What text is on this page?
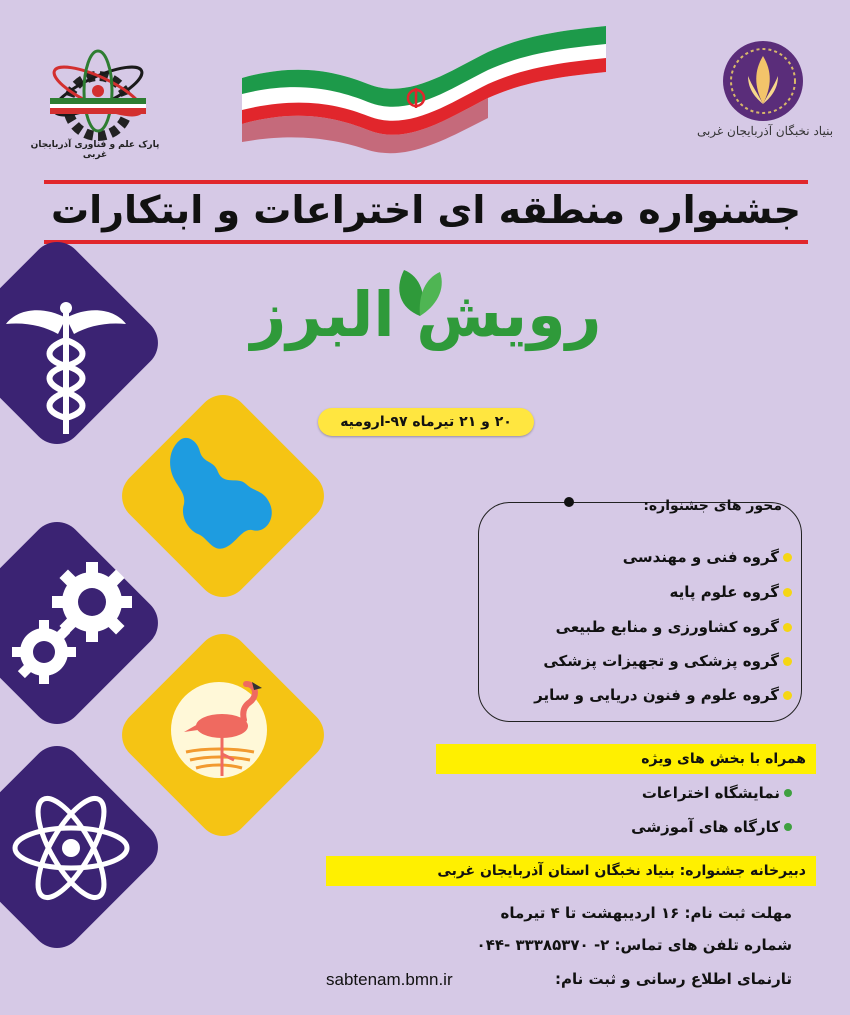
پارک علم و فناوری آذربایجان غربی
بنیاد نخبگان آذربایجان غربی
جشنواره منطقه ای اختراعات و ابتکارات
رویش البرز
۲۰ و ۲۱ تیرماه ۹۷-ارومیه
محور های جشنواره:
گروه فنی و مهندسی
گروه علوم پایه
گروه کشاورزی و منابع طبیعی
گروه پزشکی و تجهیزات پزشکی
گروه علوم و فنون دریایی و سایر
همراه با بخش های ویژه
نمایشگاه اختراعات
کارگاه های آموزشی
دبیرخانه جشنواره: بنیاد نخبگان استان آذربایجان غربی
مهلت ثبت نام: ۱۶ اردیبهشت تا ۴ تیرماه
شماره تلفن های تماس: ۲- ۳۳۳۸۵۳۷۰ -۰۴۴
تارنمای اطلاع رسانی و ثبت نام:
sabtenam.bmn.ir
